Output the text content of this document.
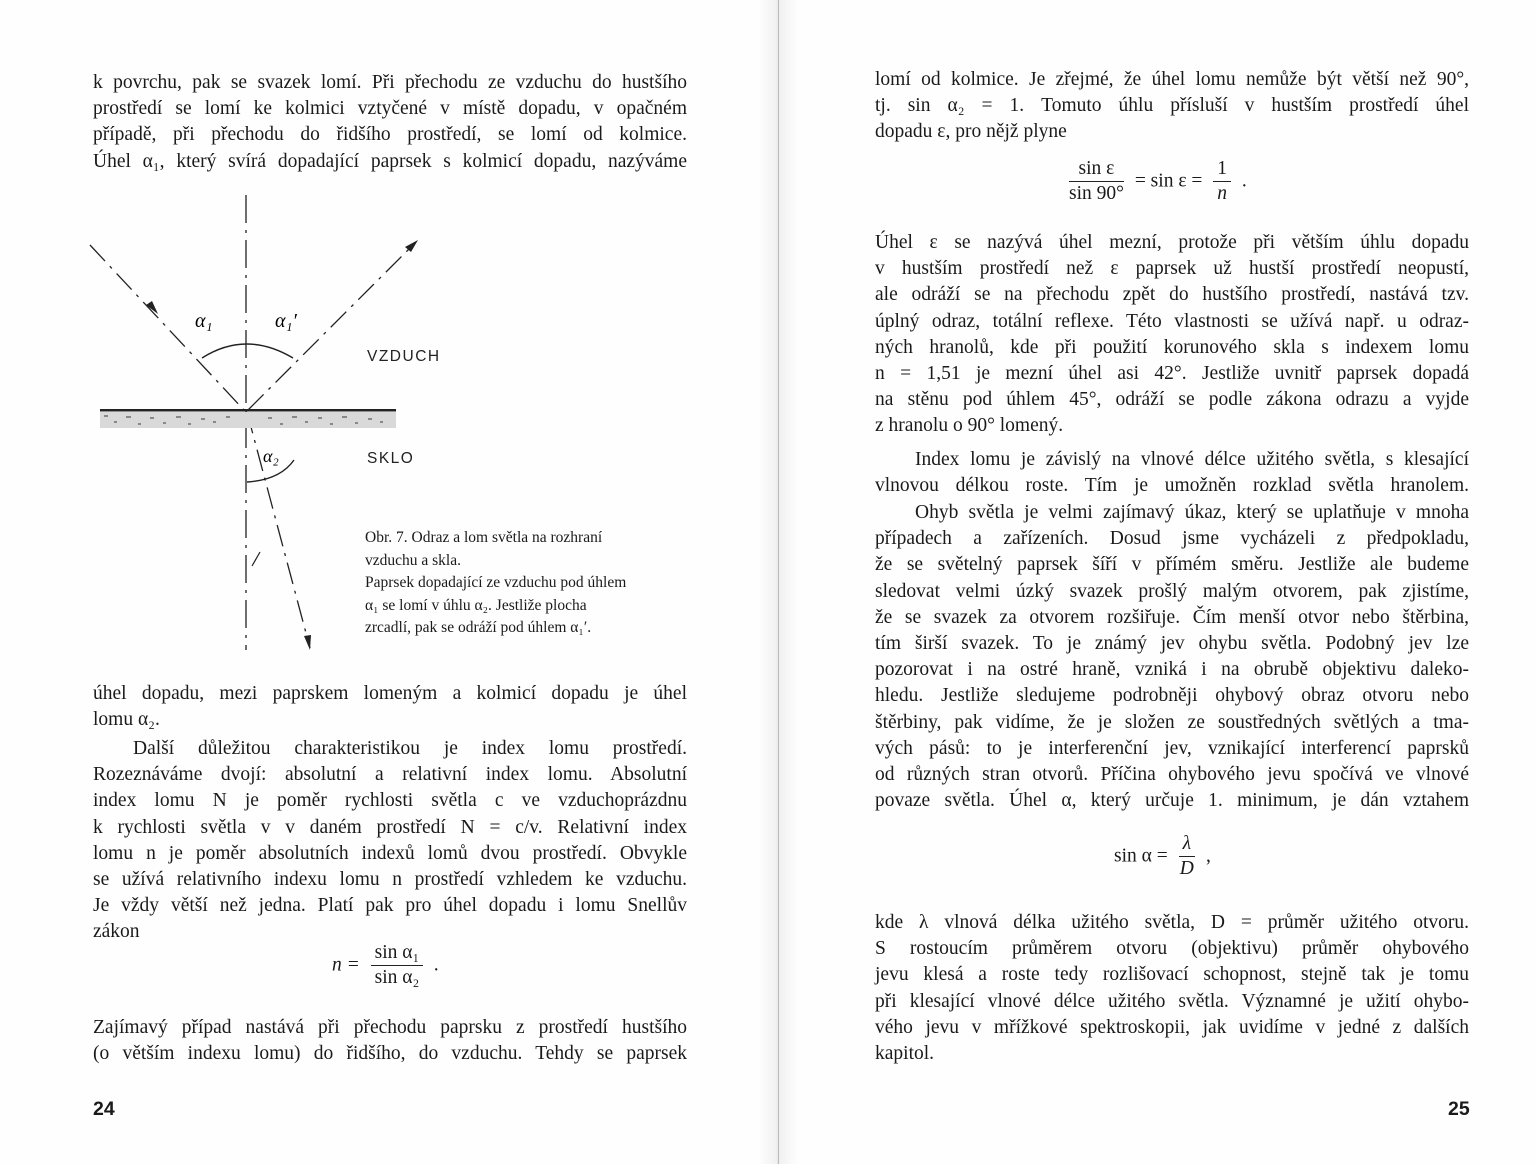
k povrchu, pak se svazek lomí. Při přechodu ze vzduchu do hustšího
prostředí se lomí ke kolmici vztyčené v místě dopadu, v opačném
případě, při přechodu do řidšího prostředí, se lomí od kolmice.
Úhel α₁, který svírá dopadající paprsek s kolmicí dopadu, nazýváme
α₁	α₁′
α₂
VZDUCH
SKLO
Obr. 7. Odraz a lom světla na rozhraní
vzduchu a skla.
Paprsek dopadající ze vzduchu pod úhlem
α₁ se lomí v úhlu α₂. Jestliže plocha
zrcadlí, pak se odráží pod úhlem α₁′.
úhel dopadu, mezi paprskem lomeným a kolmicí dopadu je úhel
lomu α₂.
Další důležitou charakteristikou je index lomu prostředí.
Rozeznáváme dvojí: absolutní a relativní index lomu. Absolutní
index lomu N je poměr rychlosti světla c ve vzduchoprázdnu
k rychlosti světla v v daném prostředí N = c/v. Relativní index
lomu n je poměr absolutních indexů lomů dvou prostředí. Obvykle
se užívá relativního indexu lomu n prostředí vzhledem ke vzduchu.
Je vždy větší než jedna. Platí pak pro úhel dopadu i lomu Snellův
zákon
$n = \frac{\text{sin α₁}}{\text{sin α₂}}$ .
Zajímavý případ nastává při přechodu paprsku z prostředí hustšího
(o větším indexu lomu) do řidšího, do vzduchu. Tehdy se paprsek
24
lomí od kolmice. Je zřejmé, že úhel lomu nemůže být větší než 90°,
tj. sin α₂ = 1. Tomuto úhlu přísluší v hustším prostředí úhel
dopadu ε, pro nějž plyne
$\frac{\text{sin ε}}{\sin 90^\circ} = \sin \varepsilon = \frac{1}{n}$ .
Úhel ε se nazývá úhel mezní, protože při větším úhlu dopadu
v hustším prostředí než ε paprsek už hustší prostředí neopustí,
ale odráží se na přechodu zpět do hustšího prostředí, nastává tzv.
úplný odraz, totální reflexe. Této vlastnosti se užívá např. u odraz-
ných hranolů, kde při použití korunového skla s indexem lomu
n = 1,51 je mezní úhel asi 42°. Jestliže uvnitř paprsek dopadá
na stěnu pod úhlem 45°, odráží se podle zákona odrazu a vyjde
z hranolu o 90° lomený.
Index lomu je závislý na vlnové délce užitého světla, s klesající
vlnovou délkou roste. Tím je umožněn rozklad světla hranolem.
Ohyb světla je velmi zajímavý úkaz, který se uplatňuje v mnoha
případech a zařízeních. Dosud jsme vycházeli z předpokladu,
že se světelný paprsek šíří v přímém směru. Jestliže ale budeme
sledovat velmi úzký svazek prošlý malým otvorem, pak zjistíme,
že se svazek za otvorem rozšiřuje. Čím menší otvor nebo štěrbina,
tím širší svazek. To je známý jev ohybu světla. Podobný jev lze
pozorovat i na ostré hraně, vzniká i na obrubě objektivu daleko-
hledu. Jestliže sledujeme podrobněji ohybový obraz otvoru nebo
štěrbiny, pak vidíme, že je složen ze soustředných světlých a tma-
vých pásů: to je interferenční jev, vznikající interferencí paprsků
od různých stran otvorů. Příčina ohybového jevu spočívá ve vlnové
povaze světla. Úhel α, který určuje 1. minimum, je dán vztahem
$\sin \alpha = \frac{\lambda}{D}$ ,
kde λ vlnová délka užitého světla, D = průměr užitého otvoru.
S rostoucím průměrem otvoru (objektivu) průměr ohybového
jevu klesá a roste tedy rozlišovací schopnost, stejně tak je tomu
při klesající vlnové délce užitého světla. Významné je užití ohybo-
vého jevu v mřížkové spektroskopii, jak uvidíme v jedné z dalších
kapitol.
25
